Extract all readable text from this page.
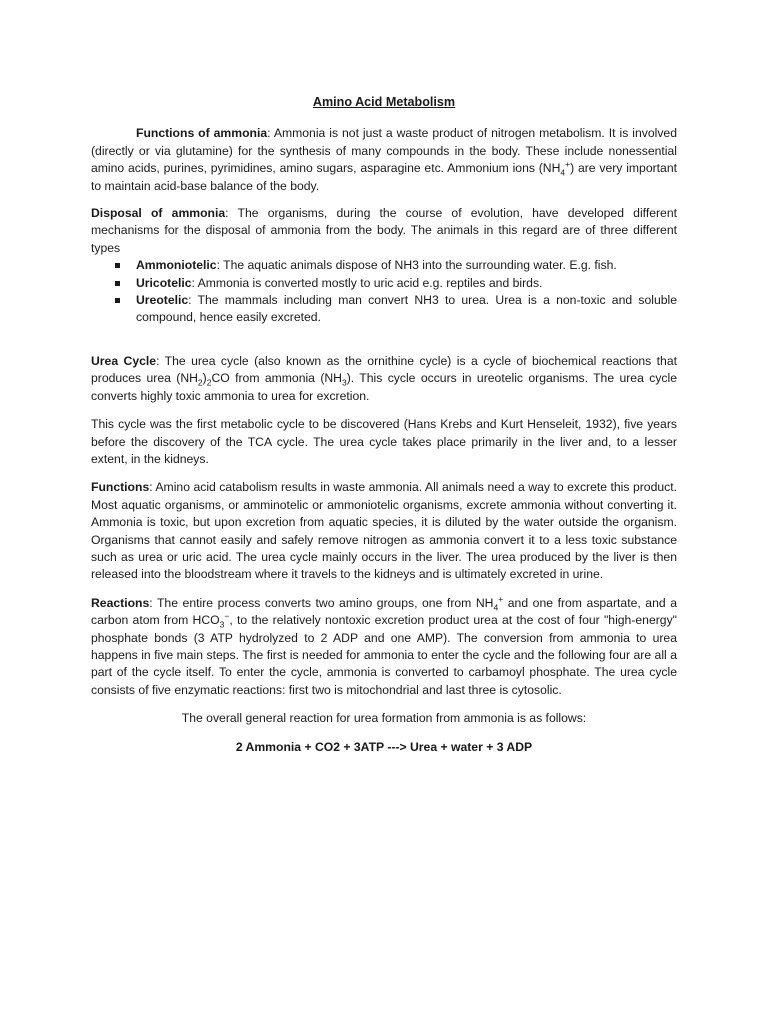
Amino Acid Metabolism

Functions of ammonia: Ammonia is not just a waste product of nitrogen metabolism. It is involved (directly or via glutamine) for the synthesis of many compounds in the body. These include nonessential amino acids, purines, pyrimidines, amino sugars, asparagine etc. Ammonium ions $(NH_4^+)$ are very important to maintain acid-base balance of the body.

Disposal of ammonia: The organisms, during the course of evolution, have developed different mechanisms for the disposal of ammonia from the body. The animals in this regard are of three different types

Ammoniotelic: The aquatic animals dispose of NH3 into the surrounding water. E.g. fish.
Uricotelic: Ammonia is converted mostly to uric acid e.g. reptiles and birds.
Ureotelic: The mammals including man convert NH3 to urea. Urea is a non-toxic and soluble compound, hence easily excreted.

Urea Cycle: The urea cycle (also known as the ornithine cycle) is a cycle of biochemical reactions that produces urea $(NH_2)_2CO$ from ammonia $(NH_3)$. This cycle occurs in ureotelic organisms. The urea cycle converts highly toxic ammonia to urea for excretion.

This cycle was the first metabolic cycle to be discovered (Hans Krebs and Kurt Henseleit, 1932), five years before the discovery of the TCA cycle. The urea cycle takes place primarily in the liver and, to a lesser extent, in the kidneys.

Functions: Amino acid catabolism results in waste ammonia. All animals need a way to excrete this product. Most aquatic organisms, or amminotelic or ammoniotelic organisms, excrete ammonia without converting it. Ammonia is toxic, but upon excretion from aquatic species, it is diluted by the water outside the organism. Organisms that cannot easily and safely remove nitrogen as ammonia convert it to a less toxic substance such as urea or uric acid. The urea cycle mainly occurs in the liver. The urea produced by the liver is then released into the bloodstream where it travels to the kidneys and is ultimately excreted in urine.

Reactions: The entire process converts two amino groups, one from $NH_4^+$ and one from aspartate, and a carbon atom from $HCO_3^-$, to the relatively nontoxic excretion product urea at the cost of four "high-energy" phosphate bonds (3 ATP hydrolyzed to 2 ADP and one AMP). The conversion from ammonia to urea happens in five main steps. The first is needed for ammonia to enter the cycle and the following four are all a part of the cycle itself. To enter the cycle, ammonia is converted to carbamoyl phosphate. The urea cycle consists of five enzymatic reactions: first two is mitochondrial and last three is cytosolic.

The overall general reaction for urea formation from ammonia is as follows:

2 Ammonia + CO2 + 3ATP ---> Urea + water + 3 ADP
